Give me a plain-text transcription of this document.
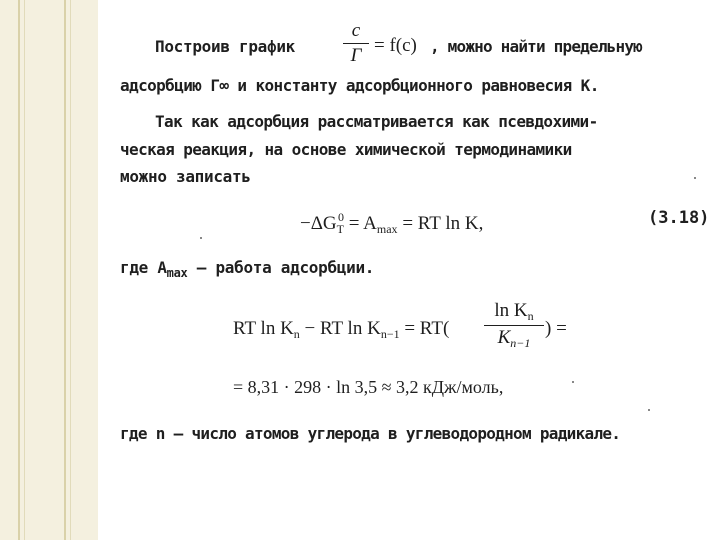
Построив график
c
Г = f(c) , можно найти предельную
адсорбцию Г∞ и константу адсорбционного равновесия K.
Так как адсорбция рассматривается как псевдохими-
ческая реакция, на основе химической термодинамики
можно записать
$-\Delta G_T^0 = A_{max}$ = RT ln K,	(3.18)
где $A_{max}$ — работа адсорбции.
RT $\ln K_n$ − RT $\ln K_{n-1} = RT$(
$\ln K_n$
$K_{n-1}$
) =
= 8,31 · 298 · ln 3,5 ≈ 3,2 кДж/моль,
где n — число атомов углерода в углеводородном радикале.
